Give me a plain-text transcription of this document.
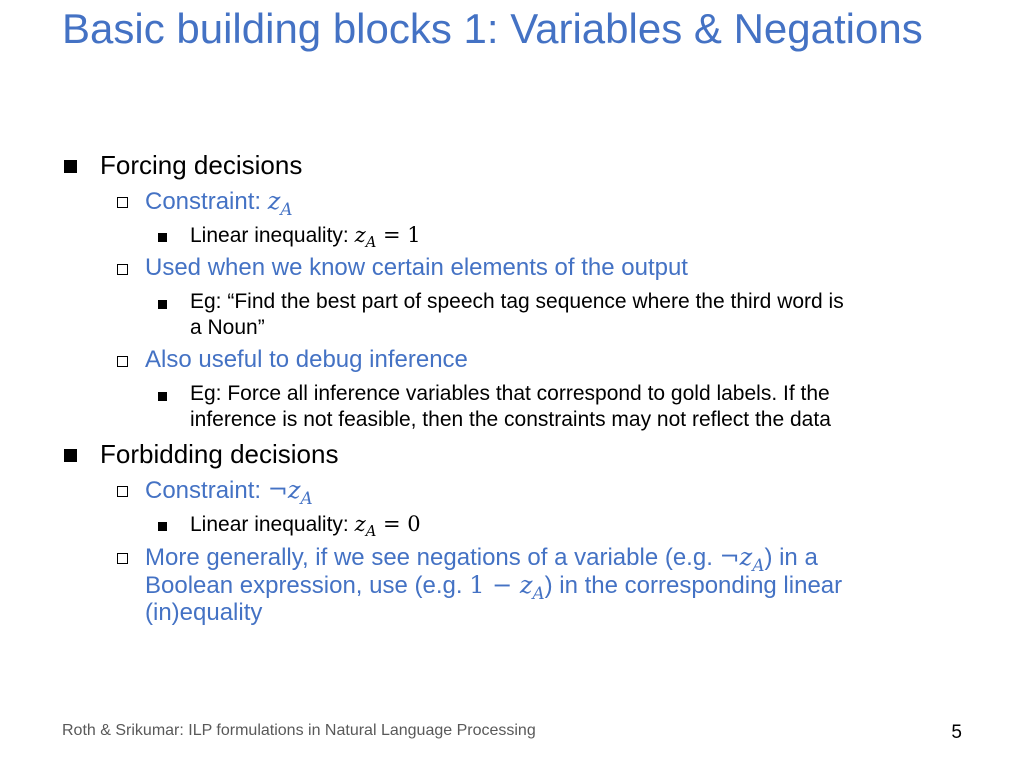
Basic building blocks 1: Variables & Negations
Forcing decisions
Constraint: $z_A$
Linear inequality: $z_A = 1$
Used when we know certain elements of the output
Eg: “Find the best part of speech tag sequence where the third word is
a Noun”
Also useful to debug inference
Eg: Force all inference variables that correspond to gold labels. If the
inference is not feasible, then the constraints may not reflect the data
Forbidding decisions
Constraint: $\neg z_A$
Linear inequality: $z_A = 0$
More generally, if we see negations of a variable (e.g. $\neg z_A$) in a
Boolean expression, use (e.g. $1 - z_A$) in the corresponding linear
(in)equality
Roth & Srikumar: ILP formulations in Natural Language Processing	5
